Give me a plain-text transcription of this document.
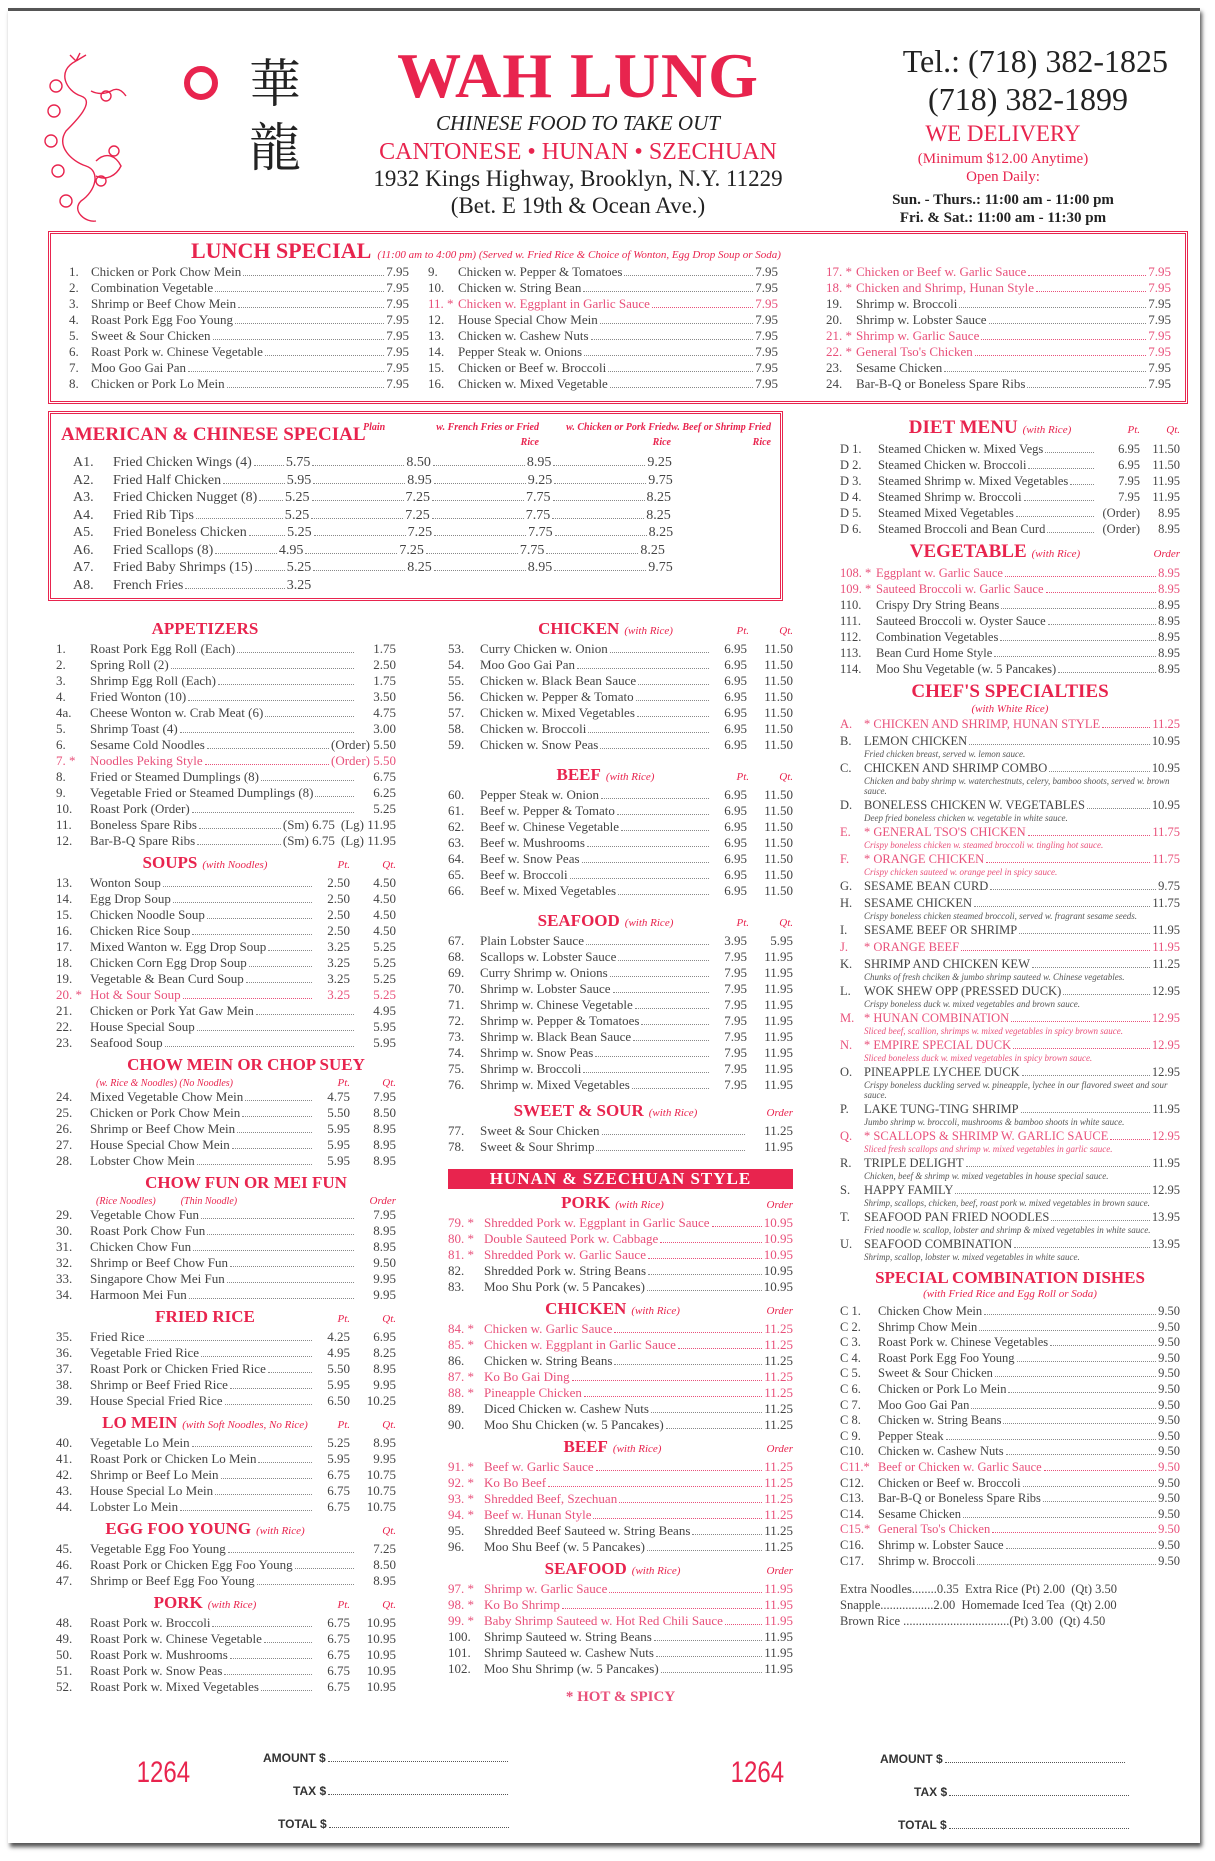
華
龍
WAH LUNG
CHINESE FOOD TO TAKE OUT
CANTONESE • HUNAN • SZECHUAN
1932 Kings Highway, Brooklyn, N.Y. 11229
(Bet. E 19th & Ocean Ave.)
Tel.: (718) 382-1825
(718) 382-1899
WE DELIVERY
(Minimum $12.00 Anytime)
Open Daily:
Sun. - Thurs.: 11:00 am - 11:00 pm
Fri. & Sat.: 11:00 am - 11:30 pm
LUNCH SPECIAL (11:00 am to 4:00 pm) (Served w. Fried Rice & Choice of Wonton, Egg Drop Soup or Soda)
1. Chicken or Pork Chow Mein	7.95
2. Combination Vegetable	7.95
3. Shrimp or Beef Chow Mein	7.95
4. Roast Pork Egg Foo Young	7.95
5. Sweet & Sour Chicken	7.95
6. Roast Pork w. Chinese Vegetable	7.95
7. Moo Goo Gai Pan	7.95
8. Chicken or Pork Lo Mein	7.95
9.	Chicken w. Pepper & Tomatoes	7.95
10.	Chicken w. String Bean	7.95
11. * Chicken w. Eggplant in Garlic Sauce	7.95
12.	House Special Chow Mein	7.95
13.	Chicken w. Cashew Nuts	7.95
14.	Pepper Steak w. Onions	7.95
15.	Chicken or Beef w. Broccoli	7.95
16.	Chicken w. Mixed Vegetable	7.95
17. * Chicken or Beef w. Garlic Sauce	7.95
18. * Chicken and Shrimp, Hunan Style	7.95
19.	Shrimp w. Broccoli	7.95
20.	Shrimp w. Lobster Sauce	7.95
21. * Shrimp w. Garlic Sauce	7.95
22. * General Tso's Chicken	7.95
23.	Sesame Chicken	7.95
24.	Bar-B-Q or Boneless Spare Ribs	7.95
AMERICAN & CHINESE SPECIAL
Plain	w. French Fries or Fried Rice
w. Chicken or Pork Fried Rice
w. Beef or Shrimp Fried Rice
A1.	Fried Chicken Wings (4) 5.75	8.50	8.95	9.25
A2.	Fried Half Chicken	5.95	8.95	9.25	9.75
A3.	Fried Chicken Nugget (8) 5.25	7.25	7.75	8.25
A4.	Fried Rib Tips	5.25	7.25	7.75	8.25
A5.	Fried Boneless Chicken	5.25	7.25	7.75	8.25
A6.	Fried Scallops (8)	4.95	7.25	7.75	8.25
A7.	Fried Baby Shrimps (15) 5.25	8.25	8.95	9.75
A8.	French Fries	3.25
DIET MENU (with Rice)	Pt.	Qt.
D 1.	Steamed Chicken w. Mixed Vegs	6.95 11.50
D 2.	Steamed Chicken w. Broccoli	6.95 11.50
D 3.	Steamed Shrimp w. Mixed Vegetables	7.95 11.95
D 4.	Steamed Shrimp w. Broccoli	7.95 11.95
D 5.	Steamed Mixed Vegetables	(Order)	8.95
D 6.	Steamed Broccoli and Bean Curd	(Order)	8.95
VEGETABLE (with Rice)	Order
108. * Eggplant w. Garlic Sauce	8.95
109. * Sauteed Broccoli w. Garlic Sauce	8.95
110.	Crispy Dry String Beans	8.95
111.	Sauteed Broccoli w. Oyster Sauce	8.95
112.	Combination Vegetables	8.95
113.	Bean Curd Home Style	8.95
114.	Moo Shu Vegetable (w. 5 Pancakes)	8.95
CHEF'S SPECIALTIES
(with White Rice)
A. * CHICKEN AND SHRIMP, HUNAN STYLE	11.25
B.	LEMON CHICKEN	10.95
Fried chicken breast, served w. lemon sauce.
C.	CHICKEN AND SHRIMP COMBO	10.95
Chicken and baby shrimp w. waterchestnuts, celery, bamboo shoots, served w. brown sauce.
D. BONELESS CHICKEN W. VEGETABLES	10.95
Deep fried boneless chicken w. vegetable in white sauce.
E.	* GENERAL TSO'S CHICKEN	11.75
Crispy boneless chicken w. steamed broccoli w. tingling hot sauce.
F.	* ORANGE CHICKEN	11.75
Crispy chicken sauteed w. orange peel in spicy sauce.
G. SESAME BEAN CURD	9.75
H. SESAME CHICKEN	11.75
Crispy boneless chicken steamed broccoli, served w. fragrant sesame seeds.
I.	SESAME BEEF OR SHRIMP	11.95
J.	* ORANGE BEEF	11.95
K. SHRIMP AND CHICKEN KEW	11.25
Chunks of fresh chciken & jumbo shrimp sauteed w. Chinese vegetables.
L.	WOK SHEW OPP (PRESSED DUCK)	12.95
Crispy boneless duck w. mixed vegetables and brown sauce.
M. * HUNAN COMBINATION	12.95
Sliced beef, scallion, shrimps w. mixed vegetables in spicy brown sauce.
N. * EMPIRE SPECIAL DUCK	12.95
Sliced boneless duck w. mixed vegetables in spicy brown sauce.
O. PINEAPPLE LYCHEE DUCK	12.95
Crispy boneless duckling served w. pineapple, lychee in our flavored sweet and sour sauce.
P.	LAKE TUNG-TING SHRIMP	11.95
Jumbo shrimp w. broccoli, mushrooms & bamboo shoots in white sauce.
Q. * SCALLOPS & SHRIMP W. GARLIC SAUCE	12.95
Sliced fresh scallops and shrimp w. mixed vegetables in garlic sauce.
R.	TRIPLE DELIGHT	11.95
Chicken, beef & shrimp w. mixed vegetables in house special sauce.
S.	HAPPY FAMILY	12.95
Shrimp, scallops, chicken, beef, roast pork w. mixed vegetables in brown sauce.
T.	SEAFOOD PAN FRIED NOODLES	13.95
Fried noodle w. scallop, lobster and shrimp & mixed vegetables in white sauce.
U. SEAFOOD COMBINATION	13.95
Shrimp, scallop, lobster w. mixed vegetables in white sauce.
SPECIAL COMBINATION DISHES
(with Fried Rice and Egg Roll or Soda)
C 1.	Chicken Chow Mein	9.50
C 2.	Shrimp Chow Mein	9.50
C 3.	Roast Pork w. Chinese Vegetables	9.50
C 4.	Roast Pork Egg Foo Young	9.50
C 5.	Sweet & Sour Chicken	9.50
C 6.	Chicken or Pork Lo Mein	9.50
C 7.	Moo Goo Gai Pan	9.50
C 8.	Chicken w. String Beans	9.50
C 9.	Pepper Steak	9.50
C10.	Chicken w. Cashew Nuts	9.50
C11.* Beef or Chicken w. Garlic Sauce	9.50
C12.	Chicken or Beef w. Broccoli	9.50
C13.	Bar-B-Q or Boneless Spare Ribs	9.50
C14.	Sesame Chicken	9.50
C15.* General Tso's Chicken	9.50
C16.	Shrimp w. Lobster Sauce	9.50
C17.	Shrimp w. Broccoli	9.50
Extra Noodles........0.35  Extra Rice (Pt) 2.00  (Qt) 3.50
Snapple.................2.00  Homemade Iced Tea  (Qt) 2.00
Brown Rice ..................................(Pt) 3.00  (Qt) 4.50
APPETIZERS
1.	Roast Pork Egg Roll (Each)	1.75
2.	Spring Roll (2)	2.50
3.	Shrimp Egg Roll (Each)	1.75
4.	Fried Wonton (10)	3.50
4a.	Cheese Wonton w. Crab Meat (6)	4.75
5.	Shrimp Toast (4)	3.00
6.	Sesame Cold Noodles	(Order) 5.50
7. *	Noodles Peking Style	(Order) 5.50
8.	Fried or Steamed Dumplings (8)	6.75
9.	Vegetable Fried or Steamed Dumplings (8)	6.25
10.	Roast Pork (Order)	5.25
11.	Boneless Spare Ribs	(Sm) 6.75 (Lg) 11.95
12.	Bar-B-Q Spare Ribs	(Sm) 6.75 (Lg) 11.95
SOUPS (with Noodles)	Pt.	Qt.
13.	Wonton Soup	2.50	4.50
14.	Egg Drop Soup	2.50	4.50
15.	Chicken Noodle Soup	2.50	4.50
16.	Chicken Rice Soup	2.50	4.50
17.	Mixed Wanton w. Egg Drop Soup	3.25	5.25
18.	Chicken Corn Egg Drop Soup	3.25	5.25
19.	Vegetable & Bean Curd Soup	3.25	5.25
20. * Hot & Sour Soup	3.25	5.25
21.	Chicken or Pork Yat Gaw Mein	4.95
22.	House Special Soup	5.95
23.	Seafood Soup	5.95
CHOW MEIN OR CHOP SUEY
(w. Rice & Noodles) (No Noodles)	Pt.	Qt.
24.	Mixed Vegetable Chow Mein	4.75	7.95
25.	Chicken or Pork Chow Mein	5.50	8.50
26.	Shrimp or Beef Chow Mein	5.95	8.95
27.	House Special Chow Mein	5.95	8.95
28.	Lobster Chow Mein	5.95	8.95
CHOW FUN OR MEI FUN
(Rice Noodles)          (Thin Noodle)	Order
29.	Vegetable Chow Fun	7.95
30.	Roast Pork Chow Fun	8.95
31.	Chicken Chow Fun	8.95
32.	Shrimp or Beef Chow Fun	9.50
33.	Singapore Chow Mei Fun	9.95
34.	Harmoon Mei Fun	9.95
FRIED RICE	Pt.	Qt.
35.	Fried Rice	4.25	6.95
36.	Vegetable Fried Rice	4.95	8.25
37.	Roast Pork or Chicken Fried Rice	5.50	8.95
38.	Shrimp or Beef Fried Rice	5.95	9.95
39.	House Special Fried Rice	6.50	10.25
LO MEIN (with Soft Noodles, No Rice)	Pt.	Qt.
40.	Vegetable Lo Mein	5.25	8.95
41.	Roast Pork or Chicken Lo Mein	5.95	9.95
42.	Shrimp or Beef Lo Mein	6.75	10.75
43.	House Special Lo Mein	6.75	10.75
44.	Lobster Lo Mein	6.75	10.75
EGG FOO YOUNG (with Rice)	Qt.
45.	Vegetable Egg Foo Young	7.25
46.	Roast Pork or Chicken Egg Foo Young	8.50
47.	Shrimp or Beef Egg Foo Young	8.95
PORK (with Rice)	Pt.	Qt.
48.	Roast Pork w. Broccoli	6.75	10.95
49.	Roast Pork w. Chinese Vegetable	6.75	10.95
50.	Roast Pork w. Mushrooms	6.75	10.95
51.	Roast Pork w. Snow Peas	6.75	10.95
52.	Roast Pork w. Mixed Vegetables	6.75	10.95
CHICKEN (with Rice)	Pt.	Qt.
53.	Curry Chicken w. Onion	6.95	11.50
54.	Moo Goo Gai Pan	6.95	11.50
55.	Chicken w. Black Bean Sauce	6.95	11.50
56.	Chicken w. Pepper & Tomato	6.95	11.50
57.	Chicken w. Mixed Vegetables	6.95	11.50
58.	Chicken w. Broccoli	6.95	11.50
59.	Chicken w. Snow Peas	6.95	11.50
BEEF (with Rice)	Pt.	Qt.
60.	Pepper Steak w. Onion	6.95	11.50
61.	Beef w. Pepper & Tomato	6.95	11.50
62.	Beef w. Chinese Vegetable	6.95	11.50
63.	Beef w. Mushrooms	6.95	11.50
64.	Beef w. Snow Peas	6.95	11.50
65.	Beef w. Broccoli	6.95	11.50
66.	Beef w. Mixed Vegetables	6.95	11.50
SEAFOOD (with Rice)	Pt.	Qt.
67.	Plain Lobster Sauce	3.95	5.95
68.	Scallops w. Lobster Sauce	7.95	11.95
69.	Curry Shrimp w. Onions	7.95	11.95
70.	Shrimp w. Lobster Sauce	7.95	11.95
71.	Shrimp w. Chinese Vegetable	7.95	11.95
72.	Shrimp w. Pepper & Tomatoes	7.95	11.95
73.	Shrimp w. Black Bean Sauce	7.95	11.95
74.	Shrimp w. Snow Peas	7.95	11.95
75.	Shrimp w. Broccoli	7.95	11.95
76.	Shrimp w. Mixed Vegetables	7.95	11.95
SWEET & SOUR (with Rice)	Order
77.	Sweet & Sour Chicken	11.25
78.	Sweet & Sour Shrimp	11.95
HUNAN & SZECHUAN STYLE
PORK (with Rice)	Order
79. * Shredded Pork w. Eggplant in Garlic Sauce	10.95
80. * Double Sauteed Pork w. Cabbage	10.95
81. * Shredded Pork w. Garlic Sauce	10.95
82.	Shredded Pork w. String Beans	10.95
83.	Moo Shu Pork (w. 5 Pancakes)	10.95
CHICKEN (with Rice)	Order
84. * Chicken w. Garlic Sauce	11.25
85. * Chicken w. Eggplant in Garlic Sauce	11.25
86.	Chicken w. String Beans	11.25
87. * Ko Bo Gai Ding	11.25
88. * Pineapple Chicken	11.25
89.	Diced Chicken w. Cashew Nuts	11.25
90.	Moo Shu Chicken (w. 5 Pancakes)	11.25
BEEF (with Rice)	Order
91. * Beef w. Garlic Sauce	11.25
92. * Ko Bo Beef	11.25
93. * Shredded Beef, Szechuan	11.25
94. * Beef w. Hunan Style	11.25
95.	Shredded Beef Sauteed w. String Beans	11.25
96.	Moo Shu Beef (w. 5 Pancakes)	11.25
SEAFOOD (with Rice)	Order
97. * Shrimp w. Garlic Sauce	11.95
98. * Ko Bo Shrimp	11.95
99. * Baby Shrimp Sauteed w. Hot Red Chili Sauce	11.95
100.	Shrimp Sauteed w. String Beans	11.95
101.	Shrimp Sauteed w. Cashew Nuts	11.95
102.	Moo Shu Shrimp (w. 5 Pancakes)	11.95
* HOT & SPICY
1264	1264
AMOUNT $
TAX $
TOTAL $
AMOUNT $
TAX $
TOTAL $
